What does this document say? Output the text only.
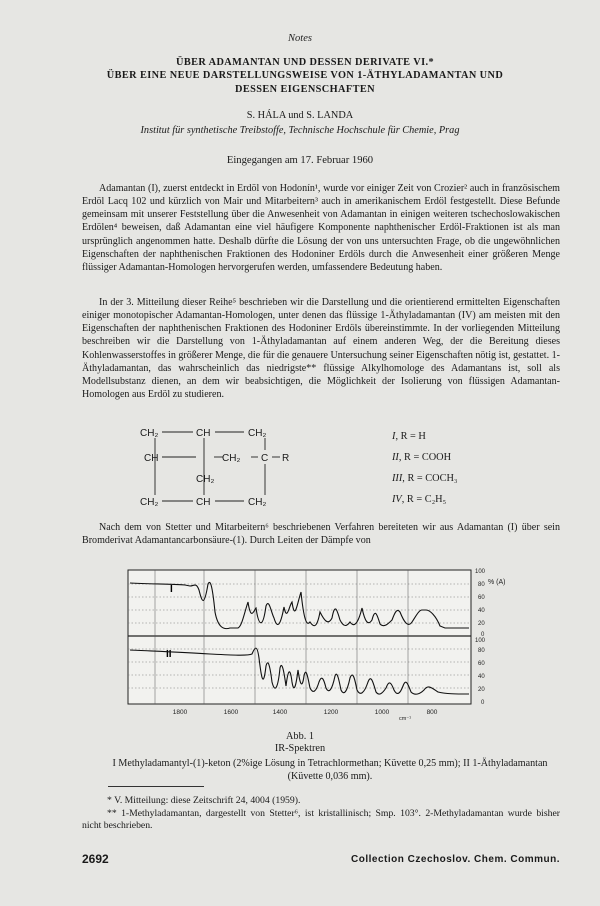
Notes
ÜBER ADAMANTAN UND DESSEN DERIVATE VI.*
ÜBER EINE NEUE DARSTELLUNGSWEISE VON 1-ÄTHYLADAMANTAN UND
DESSEN EIGENSCHAFTEN
S. HÁLA und S. LANDA
Institut für synthetische Treibstoffe, Technische Hochschule für Chemie, Prag
Eingegangen am 17. Februar 1960

Adamantan (I), zuerst entdeckt in Erdöl von Hodonín¹, wurde vor einiger Zeit von Crozier² auch in französischem Erdöl Lacq 102 und kürzlich von Mair und Mitarbeitern³ auch in amerikanischem Erdöl festgestellt. Diese Befunde gemeinsam mit unserer Feststellung über die Anwesenheit von Adamantan in einigen weiteren tschechoslowakischen Erdölen⁴ beweisen, daß Adamantan eine viel häufigere Komponente naphthenischer Erdöl-Fraktionen ist als man ursprünglich angenommen hatte. Deshalb dürfte die Lösung der von uns untersuchten Frage, ob die ungewöhnlichen Eigenschaften der naphthenischen Fraktionen des Hodoniner Erdöls durch die Anwesenheit einer größeren Menge flüssiger Adamantan-Homologen hervorgerufen werden, umfassendere Bedeutung haben.

In der 3. Mitteilung dieser Reihe⁵ beschrieben wir die Darstellung und die orientierend ermittelten Eigenschaften einiger monotopischer Adamantan-Homologen, unter denen das flüssige 1-Äthyladamantan (IV) am meisten mit den Eigenschaften der naphthenischen Fraktionen des Hodoniner Erdöls übereinstimmte. In der vorliegenden Mitteilung beschreiben wir die Darstellung von 1-Äthyladamantan auf einem anderen Weg, der die Bereitung dieses Kohlenwasserstoffes in größerer Menge, die für die genauere Untersuchung seiner Eigenschaften nötig ist, gestattet. 1-Äthyladamantan, das wahrscheinlich das niedrigste** flüssige Alkylhomologe des Adamantans ist, soll als Modellsubstanz dienen, an dem wir beabsichtigen, die Möglichkeit der Isolierung von flüssigen Adamantan-Homologen aus Erdöl zu studieren.

CH₂	CH	CH₂
CH	CH₂ C R
CH₂
CH₂	CH	CH₂
I, R = H
II, R = COOH
III, R = COCH₃
IV, R = C₂H₅

Nach dem von Stetter und Mitarbeitern⁶ beschriebenen Verfahren bereiteten wir aus Adamantan (I) über sein Bromderivat Adamantancarbonsäure-(1). Durch Leiten der Dämpfe von

I
II
100
80
60
40
20
0
100
80
60
40
20
0
% (A)
1800	1600	1400	1200	1000	800
cm⁻¹
Abb. 1
IR-Spektren
I Methyladamantyl-(1)-keton (2%ige Lösung in Tetrachlormethan; Küvette 0,25 mm); II 1-Äthyladamantan (Küvette 0,036 mm).

* V. Mitteilung: diese Zeitschrift 24, 4004 (1959).

** 1-Methyladamantan, dargestellt von Stetter⁶, ist kristallinisch; Smp. 103°. 2-Methyladamantan wurde bisher nicht beschrieben.

2692	Collection Czechoslov. Chem. Commun.
